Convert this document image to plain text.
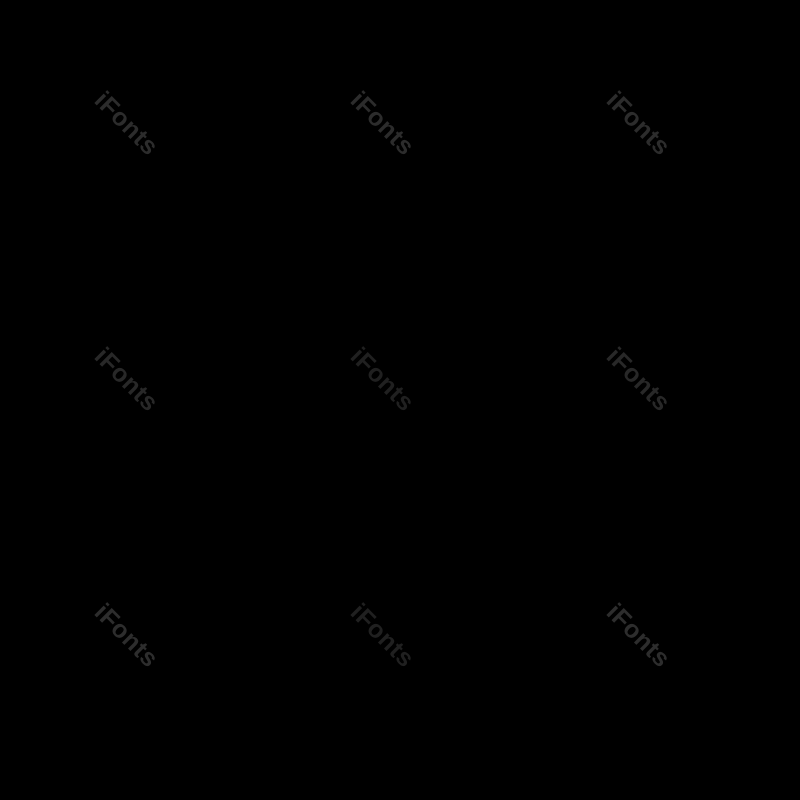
iFonts	iFonts	iFonts
iFonts	iFonts	iFonts
iFonts	iFonts	iFonts
